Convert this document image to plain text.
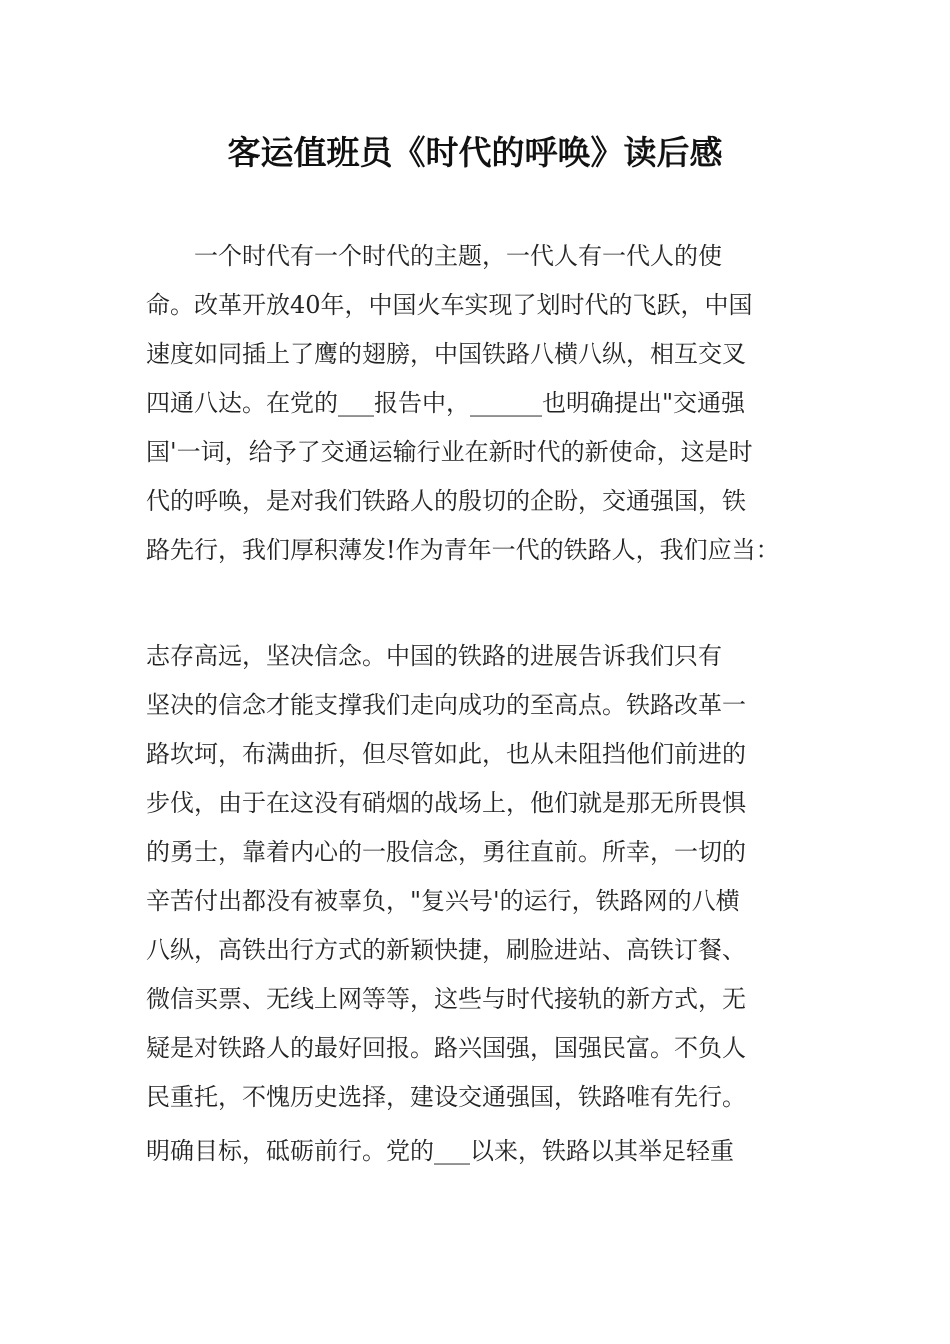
客运值班员《时代的呼唤》读后感
　　一个时代有一个时代的主题，一代人有一代人的使
命。改革开放40年，中国火车实现了划时代的飞跃，中国
速度如同插上了鹰的翅膀，中国铁路八横八纵，相互交叉
四通八达。在党的___报告中，______也明确提出"交通强
国'一词，给予了交通运输行业在新时代的新使命，这是时
代的呼唤，是对我们铁路人的殷切的企盼，交通强国，铁
路先行，我们厚积薄发!作为青年一代的铁路人，我们应当：
志存高远，坚决信念。中国的铁路的进展告诉我们只有
坚决的信念才能支撑我们走向成功的至高点。铁路改革一
路坎坷，布满曲折，但尽管如此，也从未阻挡他们前进的
步伐，由于在这没有硝烟的战场上，他们就是那无所畏惧
的勇士，靠着内心的一股信念，勇往直前。所幸，一切的
辛苦付出都没有被辜负，"复兴号'的运行，铁路网的八横
八纵，高铁出行方式的新颖快捷，刷脸进站、高铁订餐、
微信买票、无线上网等等，这些与时代接轨的新方式，无
疑是对铁路人的最好回报。路兴国强，国强民富。不负人
民重托，不愧历史选择，建设交通强国，铁路唯有先行。
明确目标，砥砺前行。党的___以来，铁路以其举足轻重
